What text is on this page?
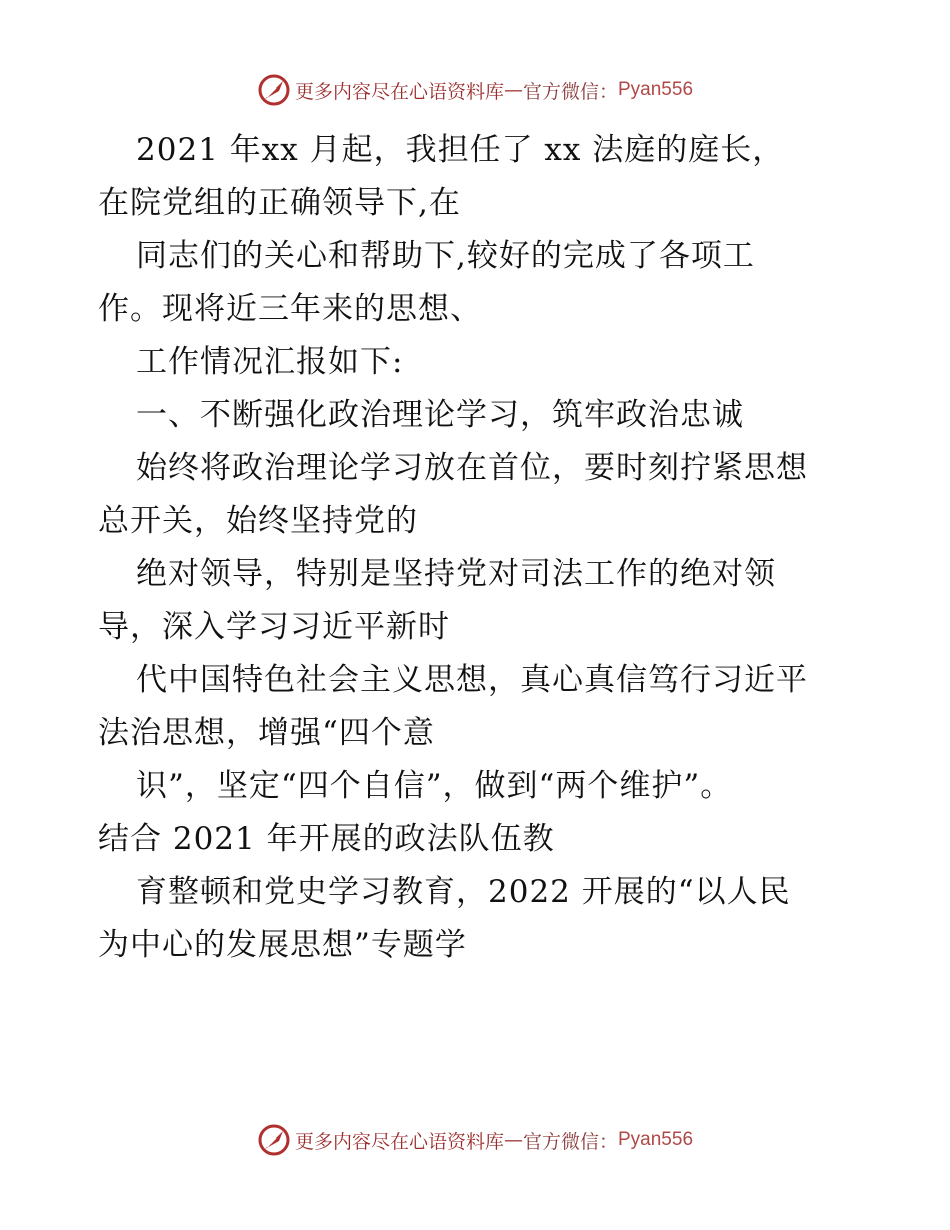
更多内容尽在心语资料库 — 官方微信： Pyan556
2021 年xx 月起，我担任了 xx 法庭的庭长，
在院党组的正确领导下,在
同志们的关心和帮助下,较好的完成了各项工
作。现将近三年来的思想、
工作情况汇报如下:
一、不断强化政治理论学习，筑牢政治忠诚
始终将政治理论学习放在首位，要时刻拧紧思想
总开关，始终坚持党的
绝对领导，特别是坚持党对司法工作的绝对领
导，深入学习习近平新时
代中国特色社会主义思想，真心真信笃行习近平
法治思想，增强“四个意
识”，坚定“四个自信”，做到“两个维护”。
结合 2021 年开展的政法队伍教
育整顿和党史学习教育，2022 开展的“以人民
为中心的发展思想”专题学
更多内容尽在心语资料库 — 官方微信： Pyan556
